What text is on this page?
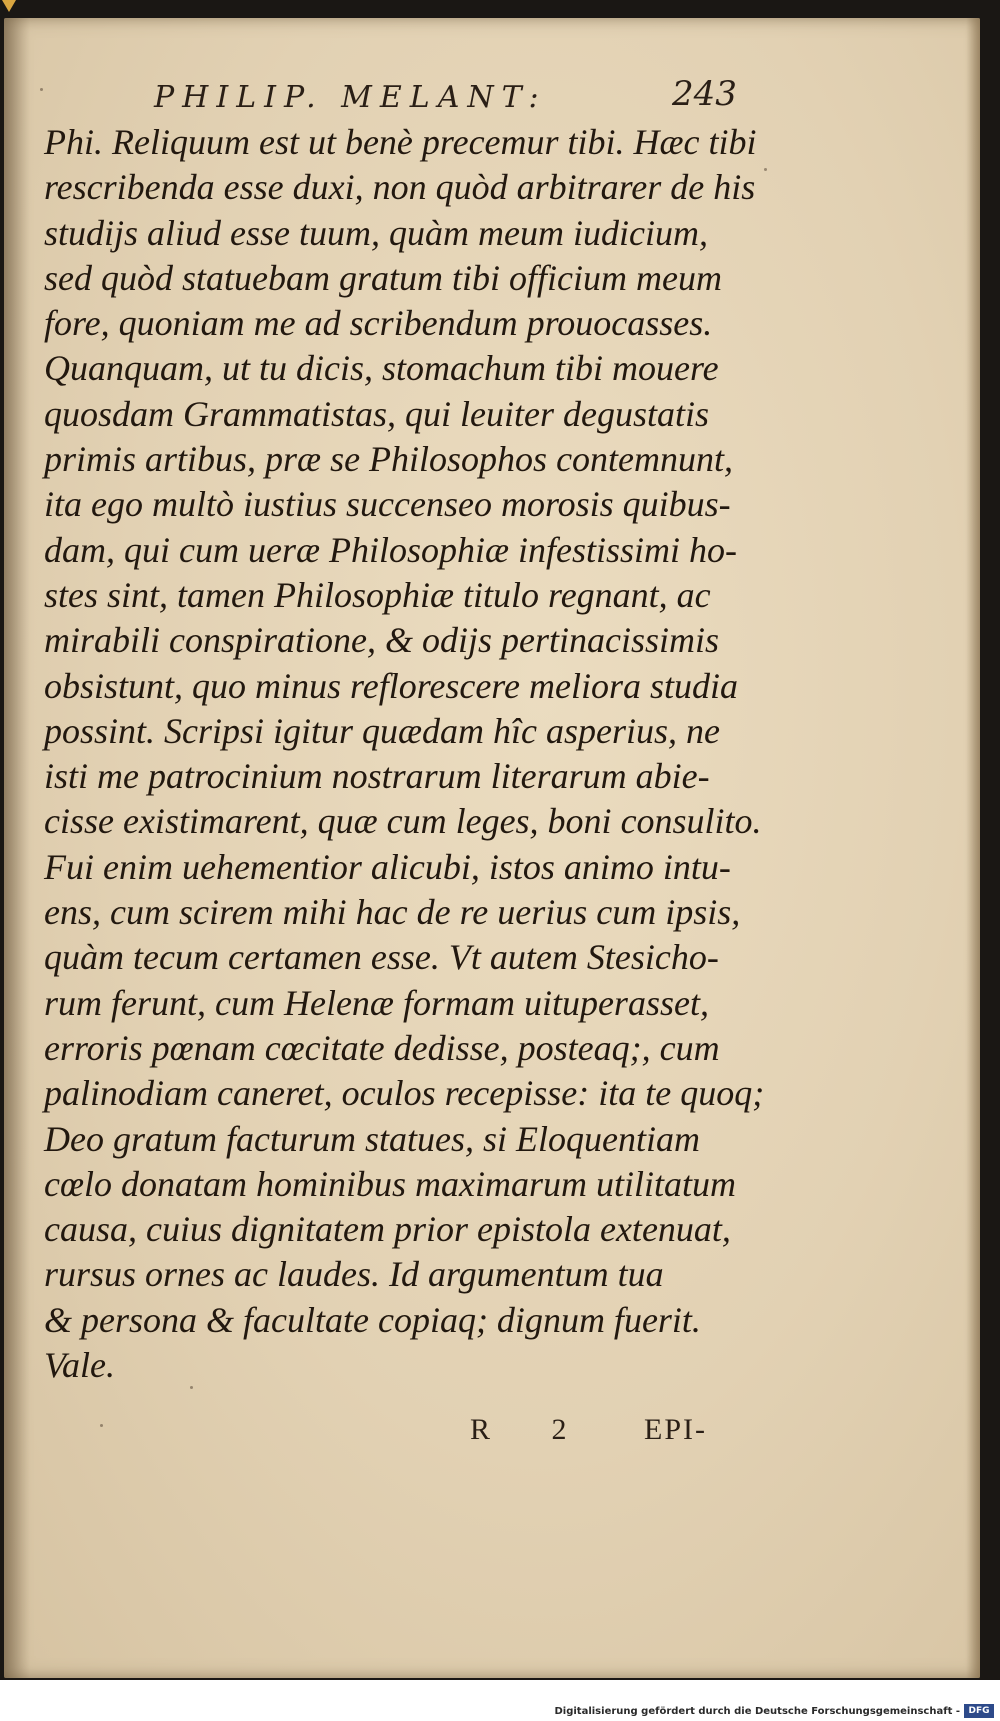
PHILIP. MELANT:	243
Phi. Reliquum est ut benè precemur tibi. Hæc tibi
rescribenda esse duxi, non quòd arbitrarer de his
studijs aliud esse tuum, quàm meum iudicium,
sed quòd statuebam gratum tibi officium meum
fore, quoniam me ad scribendum prouocasses.
Quanquam, ut tu dicis, stomachum tibi mouere
quosdam Grammatistas, qui leuiter degustatis
primis artibus, præ se Philosophos contemnunt,
ita ego multò iustius succenseo morosis quibus-
dam, qui cum ueræ Philosophiæ infestissimi ho-
stes sint, tamen Philosophiæ titulo regnant, ac
mirabili conspiratione, & odijs pertinacissimis
obsistunt, quo minus reflorescere meliora studia
possint. Scripsi igitur quædam hîc asperius, ne
isti me patrocinium nostrarum literarum abie-
cisse existimarent, quæ cum leges, boni consulito.
Fui enim uehementior alicubi, istos animo intu-
ens, cum scirem mihi hac de re uerius cum ipsis,
quàm tecum certamen esse. Vt autem Stesicho-
rum ferunt, cum Helenæ formam uituperasset,
erroris pœnam cœcitate dedisse, posteaq;, cum
palinodiam caneret, oculos recepisse: ita te quoq;
Deo gratum facturum statues, si Eloquentiam
cœlo donatam hominibus maximarum utilitatum
causa, cuius dignitatem prior epistola extenuat,
rursus ornes ac laudes. Id argumentum tua
& persona & facultate copiaq; dignum fuerit.
Vale.
R 2	EPI-
Digitalisierung gefördert durch die Deutsche Forschungsgemeinschaft - DFG
